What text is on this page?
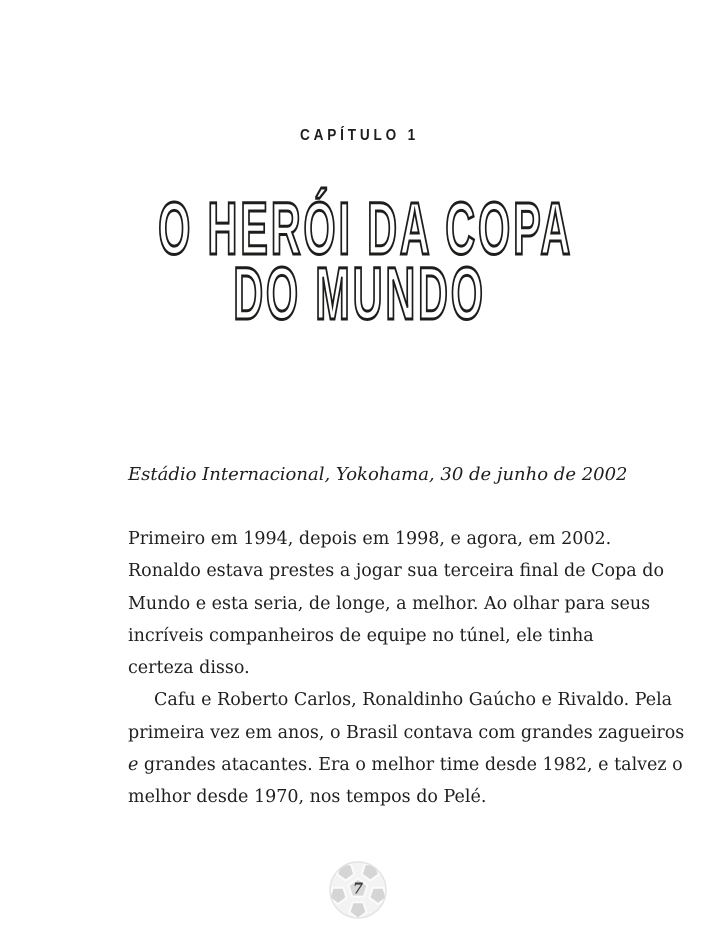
CAPÍTULO 1
O HERÓI DA COPA
DO MUNDO
Estádio Internacional, Yokohama, 30 de junho de 2002
Primeiro em 1994, depois em 1998, e agora, em 2002.
Ronaldo estava prestes a jogar sua terceira final de Copa do
Mundo e esta seria, de longe, a melhor. Ao olhar para seus
incríveis companheiros de equipe no túnel, ele tinha
certeza disso.
Cafu e Roberto Carlos, Ronaldinho Gaúcho e Rivaldo. Pela
primeira vez em anos, o Brasil contava com grandes zagueiros
e grandes atacantes. Era o melhor time desde 1982, e talvez o
melhor desde 1970, nos tempos do Pelé.
7
